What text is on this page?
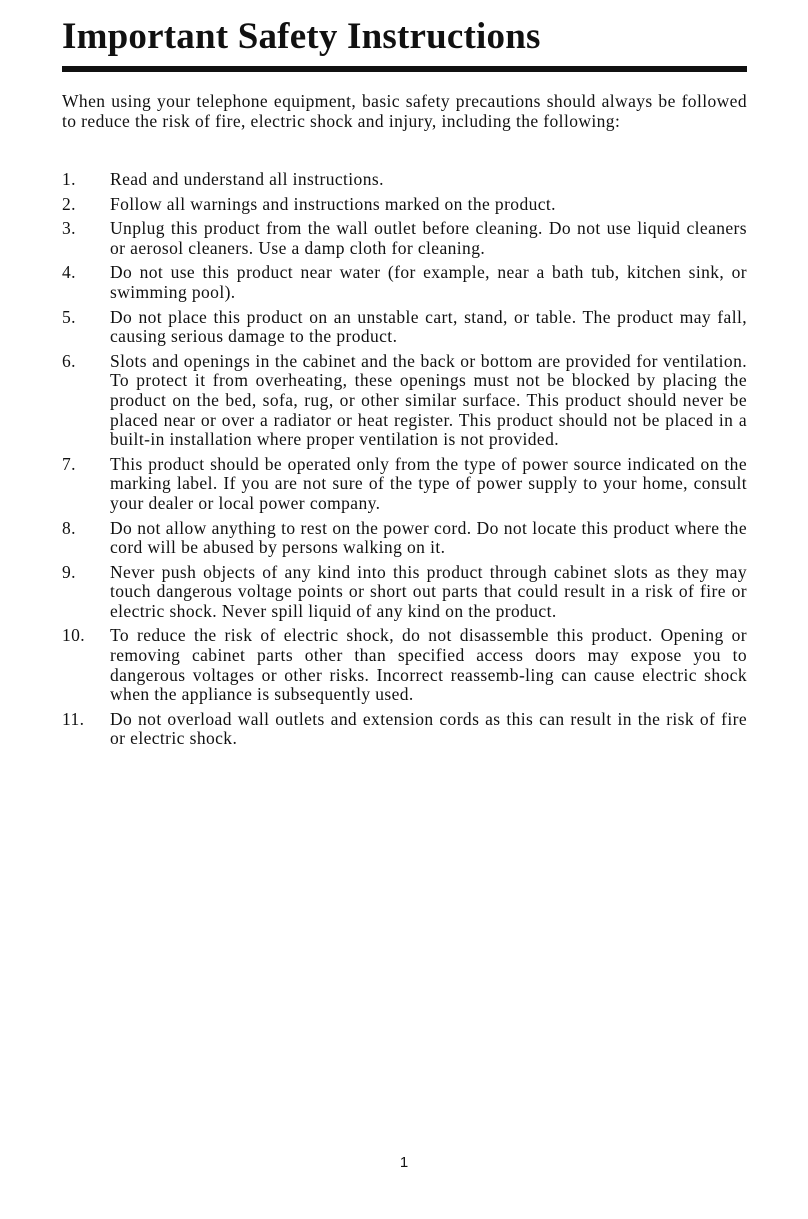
Important Safety Instructions

When using your telephone equipment, basic safety precautions should always be followed to reduce the risk of fire, electric shock and injury, including the following:

1.	Read and understand all instructions.
2.	Follow all warnings and instructions marked on the product.
3.	Unplug this product from the wall outlet before cleaning. Do not use liquid cleaners or aerosol cleaners. Use a damp cloth for cleaning.
4.	Do not use this product near water (for example, near a bath tub, kitchen sink, or swimming pool).
5.	Do not place this product on an unstable cart, stand, or table. The product may fall, causing serious damage to the product.
6.	Slots and openings in the cabinet and the back or bottom are provided for ventilation. To protect it from overheating, these openings must not be blocked by placing the product on the bed, sofa, rug, or other similar surface. This product should never be placed near or over a radiator or heat register. This product should not be placed in a built-in installation where proper ventilation is not provided.
7.	This product should be operated only from the type of power source indicated on the marking label. If you are not sure of the type of power supply to your home, consult your dealer or local power company.
8.	Do not allow anything to rest on the power cord. Do not locate this product where the cord will be abused by persons walking on it.
9.	Never push objects of any kind into this product through cabinet slots as they may touch dangerous voltage points or short out parts that could result in a risk of fire or electric shock. Never spill liquid of any kind on the product.
10.	To reduce the risk of electric shock, do not disassemble this product. Opening or removing cabinet parts other than specified access doors may expose you to dangerous voltages or other risks. Incorrect reassemb-ling can cause electric shock when the appliance is subsequently used.
11.	Do not overload wall outlets and extension cords as this can result in the risk of fire or electric shock.
1
